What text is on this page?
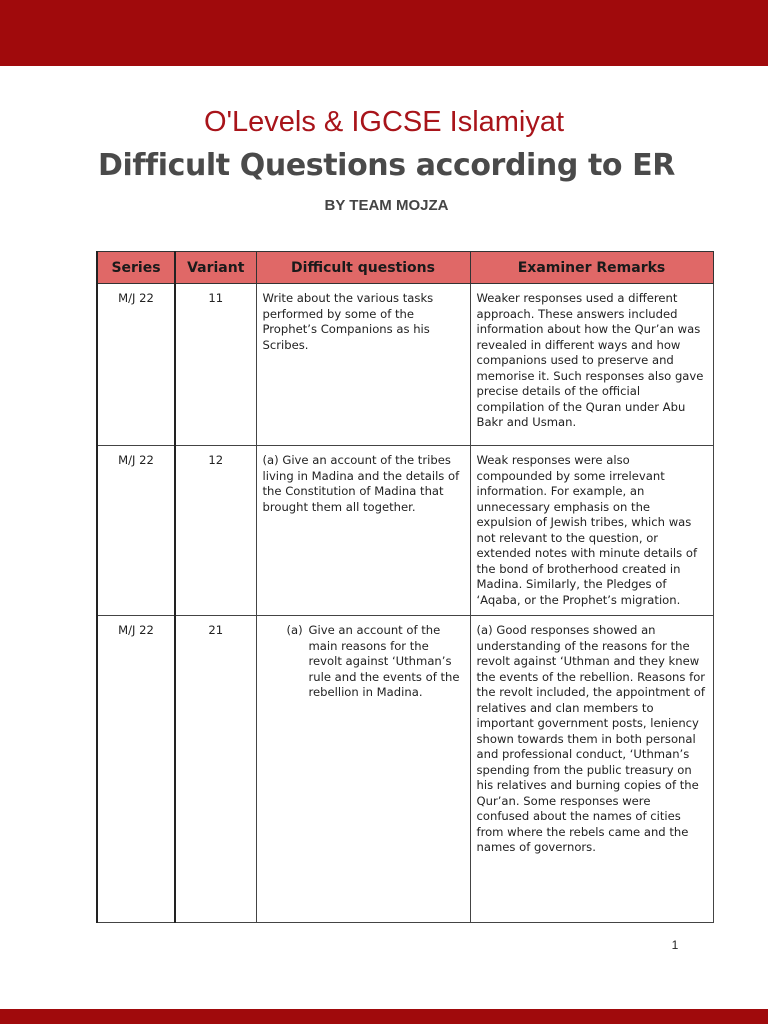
O'Levels & IGCSE Islamiyat
Difficult Questions according to ER
BY TEAM MOJZA
Series	Variant	Difficult questions	Examiner Remarks
M/J 22	11	Write about the various tasks performed by some of the Prophet’s Companions as his Scribes.	Weaker responses used a different approach. These answers included information about how the Qur’an was revealed in different ways and how companions used to preserve and memorise it. Such responses also gave precise details of the official compilation of the Quran under Abu Bakr and Usman.
M/J 22	12	(a) Give an account of the tribes living in Madina and the details of the Constitution of Madina that brought them all together.	Weak responses were also compounded by some irrelevant information. For example, an unnecessary emphasis on the expulsion of Jewish tribes, which was not relevant to the question, or extended notes with minute details of the bond of brotherhood created in Madina. Similarly, the Pledges of ‘Aqaba, or the Prophet’s migration.
M/J 22	21	(a) Give an account of the main reasons for the revolt against ‘Uthman’s rule and the events of the rebellion in Madina.	(a) Good responses showed an understanding of the reasons for the revolt against ‘Uthman and they knew the events of the rebellion. Reasons for the revolt included, the appointment of relatives and clan members to important government posts, leniency shown towards them in both personal and professional conduct, ‘Uthman’s spending from the public treasury on his relatives and burning copies of the Qur’an. Some responses were confused about the names of cities from where the rebels came and the names of governors.
1
